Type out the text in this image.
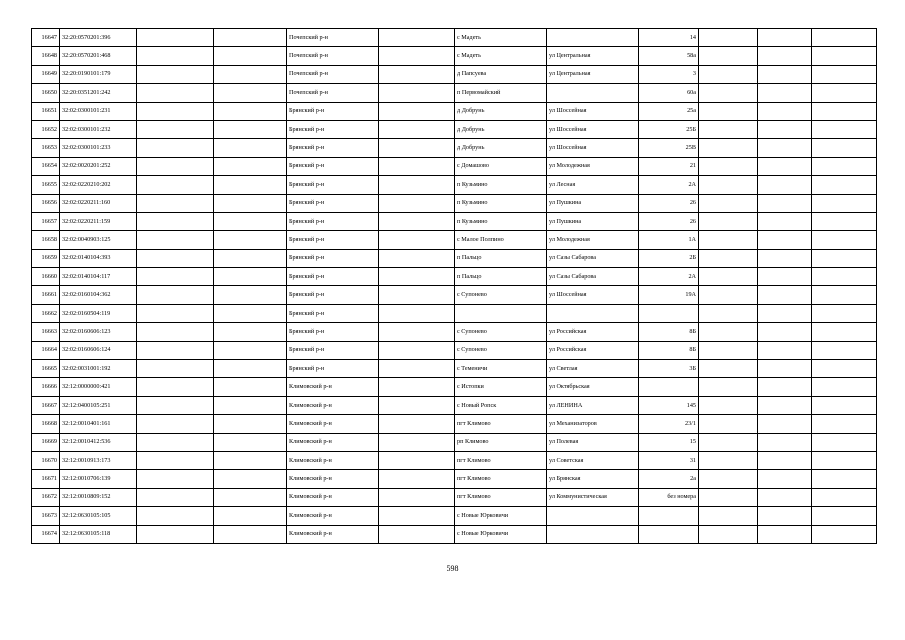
16647	32:20:0570201:396			Почепский р-н		с Мадеть		14			
16648	32:20:0570201:468			Почепский р-н		с Мадеть	ул Центральная	58а			
16649	32:20:0190101:179			Почепский р-н		д Папсуева	ул Центральная	3			
16650	32:20:0351201:242			Почепский р-н		п Первомайский		60а			
16651	32:02:0300101:231			Брянский р-н		д Добрунь	ул Шоссейная	25а			
16652	32:02:0300101:232			Брянский р-н		д Добрунь	ул Шоссейная	25Б			
16653	32:02:0300101:233			Брянский р-н		д Добрунь	ул Шоссейная	25В			
16654	32:02:0020201:252			Брянский р-н		с Домашово	ул Молодежная	21			
16655	32:02:0220210:202			Брянский р-н		п Кузьмино	ул Лесная	2А			
16656	32:02:0220211:160			Брянский р-н		п Кузьмино	ул Пушкина	26			
16657	32:02:0220211:159			Брянский р-н		п Кузьмино	ул Пушкина	26			
16658	32:02:0040903:125			Брянский р-н		с Малое Полпино	ул Молодежная	1А			
16659	32:02:0140104:393			Брянский р-н		п Пальцо	ул Сазы Сабарова	2Б			
16660	32:02:0140104:117			Брянский р-н		п Пальцо	ул Сазы Сабарова	2А			
16661	32:02:0160104:362			Брянский р-н		с Супонево	ул Шоссейная	19А			
16662	32:02:0160504:119			Брянский р-н							
16663	32:02:0160606:123			Брянский р-н		с Супонево	ул Российская	8Б			
16664	32:02:0160606:124			Брянский р-н		с Супонево	ул Российская	8Б			
16665	32:02:0031001:192			Брянский р-н		с Теменичи	ул Светлая	3Б			
16666	32:12:0000000:421			Климовский р-н		с Истопки	ул Октябрьская				
16667	32:12:0400105:251			Климовский р-н		с Новый Ропск	ул ЛЕНИНА	145			
16668	32:12:0010401:161			Климовский р-н		пгт Климово	ул Механизаторов	23/1			
16669	32:12:0010412:536			Климовский р-н		рп Климово	ул Полевая	15			
16670	32:12:0010913:173			Климовский р-н		пгт Климово	ул Советская	31			
16671	32:12:0010706:139			Климовский р-н		пгт Климово	ул Брянская	2а			
16672	32:12:0010809:152			Климовский р-н		пгт Климово	ул Коммунистическая	без номера			
16673	32:12:0630105:105			Климовский р-н		с Новые Юрковичи					
16674	32:12:0630105:118			Климовский р-н		с Новые Юрковичи					
598
